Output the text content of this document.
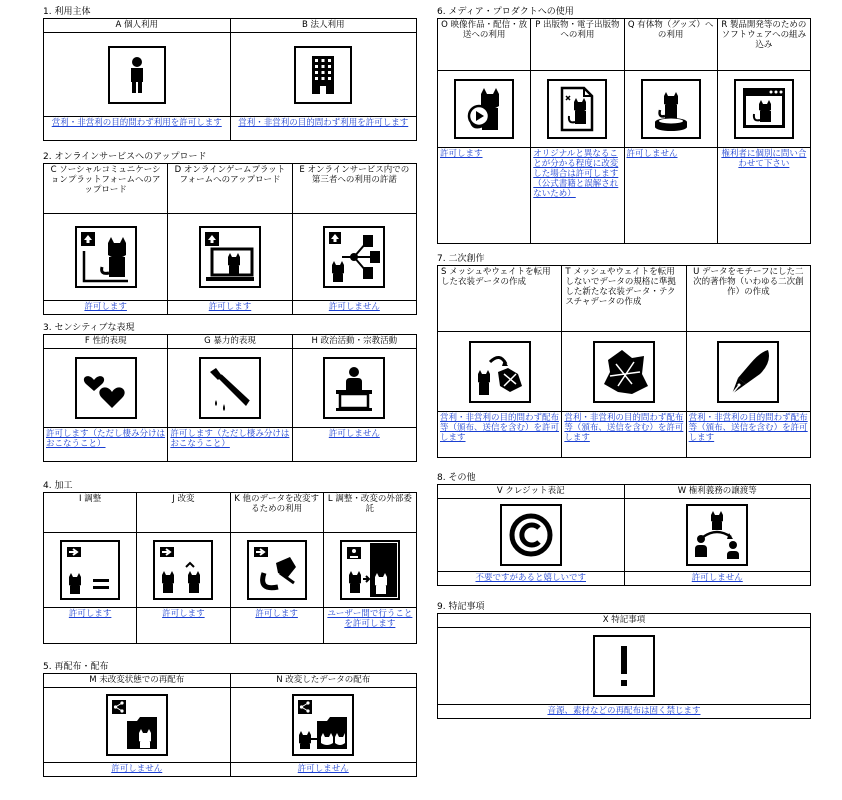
1. 利用主体
A 個人利用
営利・非営利の目的問わず利用を許可します
B 法人利用
営利・非営利の目的問わず利用を許可します
2. オンラインサービスへのアップロード
C ソーシャルコミュニケーションプラットフォームへのアップロード
許可します
D オンラインゲームプラットフォームへのアップロード
許可します
E オンラインサービス内での第三者への利用の許諾
許可しません
3. センシティブな表現
F 性的表現
許可します（ただし棲み分けはおこなうこと）
G 暴力的表現
許可します（ただし棲み分けはおこなうこと）
H 政治活動・宗教活動
許可しません
4. 加工
I 調整
許可します
J 改変
許可します
K 他のデータを改変するための利用
許可します
L 調整・改変の外部委託
ユーザー間で行うことを許可します
5. 再配布・配布
M 未改変状態での再配布
許可しません
N 改変したデータの配布
許可しません
6. メディア・プロダクトへの使用
O 映像作品・配信・放送への利用
許可します
P 出版物・電子出版物への利用
オリジナルと異なることが分かる程度に改変した場合は許可します（公式書籍と誤解されないため）
Q 有体物（グッズ）への利用
許可しません
R 製品開発等のためのソフトウェアへの組み込み
権利者に個別に問い合わせて下さい
7. 二次創作
S メッシュやウェイトを転用した衣装データの作成
営利・非営利の目的問わず配布等（頒布、送信を含む）を許可します
T メッシュやウェイトを転用しないでデータの規格に準拠した新たな衣装データ・テクスチャデータの作成
営利・非営利の目的問わず配布等（頒布、送信を含む）を許可します
U データをモチーフにした二次的著作物（いわゆる二次創作）の作成
営利・非営利の目的問わず配布等（頒布、送信を含む）を許可します
8. その他
V クレジット表記
不要ですがあると嬉しいです
W 権利義務の譲渡等
許可しません
9. 特記事項
X 特記事項
音源、素材などの再配布は固く禁じます
